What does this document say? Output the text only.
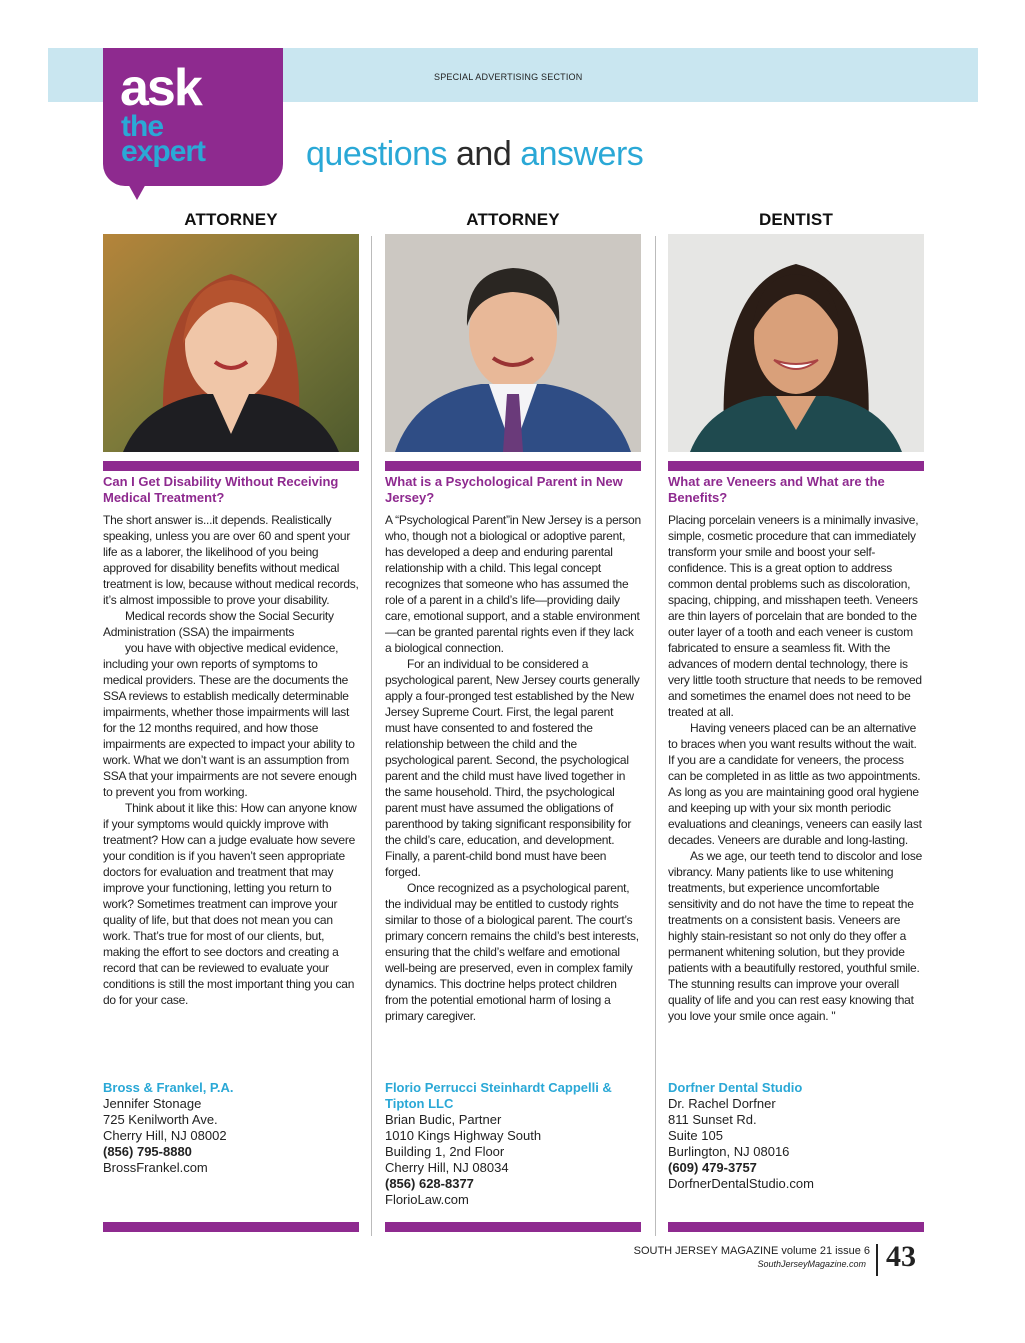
SPECIAL ADVERTISING SECTION
ask
the
expert	questions and answers
ATTORNEY
Can I Get Disability Without Receiving Medical Treatment?

The short answer is...it depends. Realistically speaking, unless you are over 60 and spent your life as a laborer, the likelihood of you being approved for disability benefits without medical treatment is low, because without medical records, it’s almost impossible to prove your disability.

Medical records show the Social Security Administration (SSA) the impairments

you have with objective medical evidence, including your own reports of symptoms to medical providers. These are the documents the SSA reviews to establish medically determinable impairments, whether those impairments will last for the 12 months required, and how those impairments are expected to impact your ability to work. What we don’t want is an assumption from SSA that your impairments are not severe enough to prevent you from working.

Think about it like this: How can anyone know if your symptoms would quickly improve with treatment? How can a judge evaluate how severe your condition is if you haven’t seen appropriate doctors for evaluation and treatment that may improve your functioning, letting you return to work? Sometimes treatment can improve your quality of life, but that does not mean you can work. That’s true for most of our clients, but, making the effort to see doctors and creating a record that can be reviewed to evaluate your conditions is still the most important thing you can do for your case.

Bross & Frankel, P.A.
Jennifer Stonage
725 Kenilworth Ave.
Cherry Hill, NJ 08002
(856) 795-8880
BrossFrankel.com
ATTORNEY
What is a Psychological Parent in New Jersey?

A “Psychological Parent”in New Jersey is a person who, though not a biological or adoptive parent, has developed a deep and enduring parental relationship with a child. This legal concept recognizes that someone who has assumed the role of a parent in a child’s life—providing daily care, emotional support, and a stable environment—can be granted parental rights even if they lack a biological connection.

For an individual to be considered a psychological parent, New Jersey courts generally apply a four-pronged test established by the New Jersey Supreme Court. First, the legal parent must have consented to and fostered the relationship between the child and the psychological parent. Second, the psychological parent and the child must have lived together in the same household. Third, the psychological parent must have assumed the obligations of parenthood by taking significant responsibility for the child’s care, education, and development. Finally, a parent-child bond must have been forged.

Once recognized as a psychological parent, the individual may be entitled to custody rights similar to those of a biological parent. The court’s primary concern remains the child’s best interests, ensuring that the child’s welfare and emotional well-being are preserved, even in complex family dynamics. This doctrine helps protect children from the potential emotional harm of losing a primary caregiver.

Florio Perrucci Steinhardt Cappelli & Tipton LLC
Brian Budic, Partner
1010 Kings Highway South
Building 1, 2nd Floor
Cherry Hill, NJ 08034
(856) 628-8377
FlorioLaw.com
DENTIST
What are Veneers and What are the Benefits?

Placing porcelain veneers is a minimally invasive, simple, cosmetic procedure that can immediately transform your smile and boost your self-confidence. This is a great option to address common dental problems such as discoloration, spacing, chipping, and misshapen teeth. Veneers are thin layers of porcelain that are bonded to the outer layer of a tooth and each veneer is custom fabricated to ensure a seamless fit. With the advances of modern dental technology, there is very little tooth structure that needs to be removed and sometimes the enamel does not need to be treated at all.

Having veneers placed can be an alternative to braces when you want results without the wait. If you are a candidate for veneers, the process can be completed in as little as two appointments. As long as you are maintaining good oral hygiene and keeping up with your six month periodic evaluations and cleanings, veneers can easily last decades. Veneers are durable and long-lasting.

As we age, our teeth tend to discolor and lose vibrancy. Many patients like to use whitening treatments, but experience uncomfortable sensitivity and do not have the time to repeat the treatments on a consistent basis. Veneers are highly stain-resistant so not only do they offer a permanent whitening solution, but they provide patients with a beautifully restored, youthful smile. The stunning results can improve your overall quality of life and you can rest easy knowing that you love your smile once again. "

Dorfner Dental Studio
Dr. Rachel Dorfner
811 Sunset Rd.
Suite 105
Burlington, NJ 08016
(609) 479-3757
DorfnerDentalStudio.com
SOUTH JERSEY MAGAZINE volume 21 issue 6
SouthJerseyMagazine.com 43
